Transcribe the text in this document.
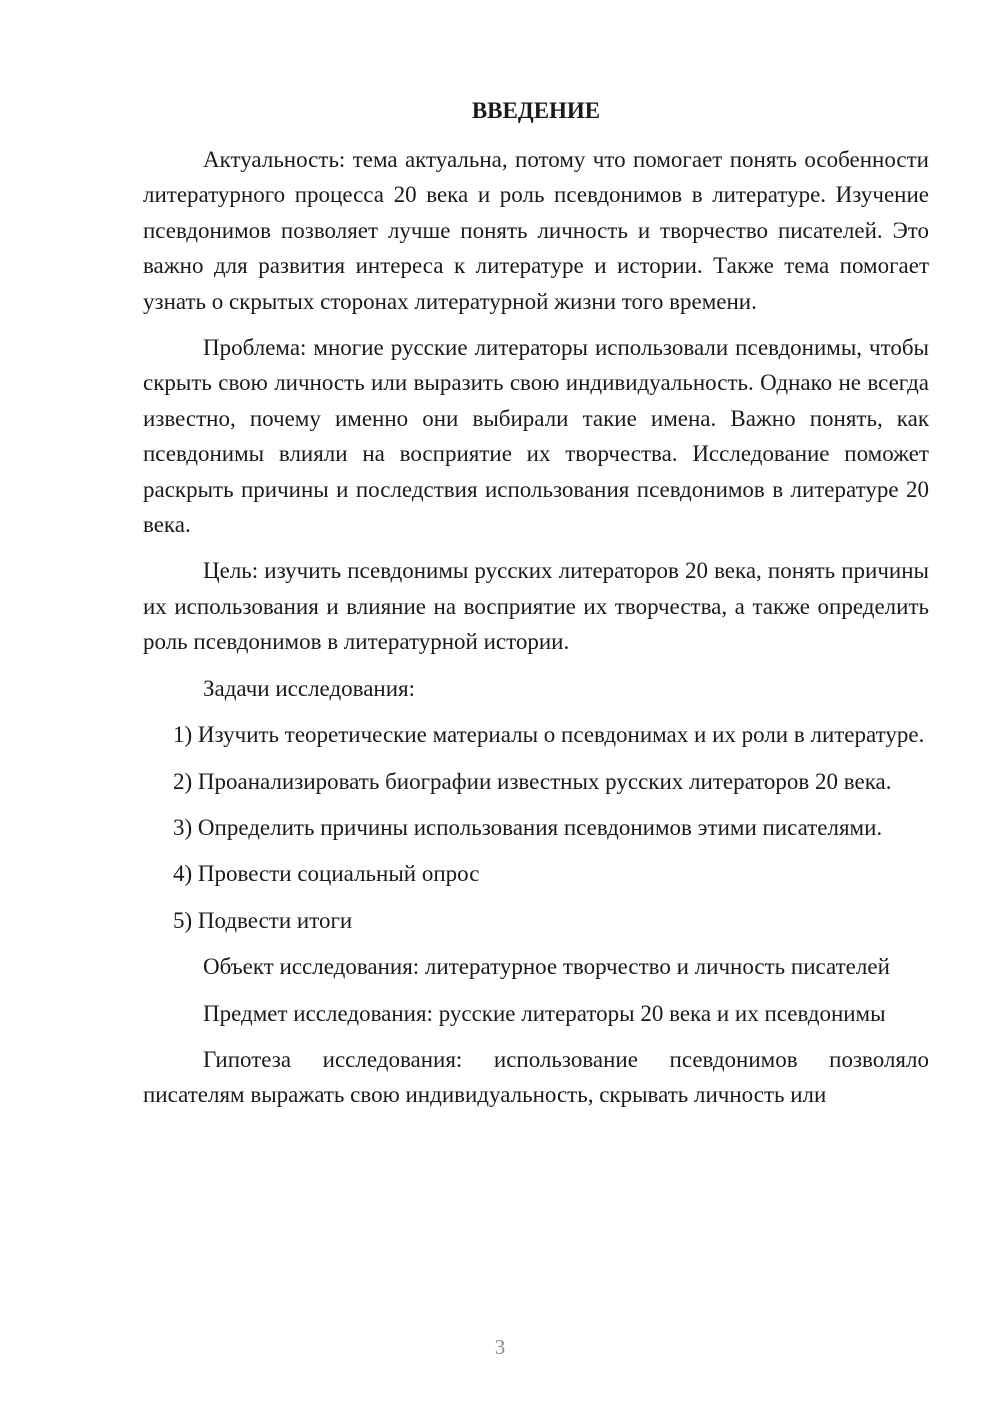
ВВЕДЕНИЕ

Актуальность: тема актуальна, потому что помогает понять особенности литературного процесса 20 века и роль псевдонимов в литературе. Изучение псевдонимов позволяет лучше понять личность и творчество писателей. Это важно для развития интереса к литературе и истории. Также тема помогает узнать о скрытых сторонах литературной жизни того времени.

Проблема: многие русские литераторы использовали псевдонимы, чтобы скрыть свою личность или выразить свою индивидуальность. Однако не всегда известно, почему именно они выбирали такие имена. Важно понять, как псевдонимы влияли на восприятие их творчества. Исследование поможет раскрыть причины и последствия использования псевдонимов в литературе 20 века.

Цель: изучить псевдонимы русских литераторов 20 века, понять причины их использования и влияние на восприятие их творчества, а также определить роль псевдонимов в литературной истории.

Задачи исследования:

1) Изучить теоретические материалы о псевдонимах и их роли в литературе.

2) Проанализировать биографии известных русских литераторов 20 века.

3) Определить причины использования псевдонимов этими писателями.

4) Провести социальный опрос

5) Подвести итоги

Объект исследования: литературное творчество и личность писателей

Предмет исследования: русские литераторы 20 века и их псевдонимы

Гипотеза исследования: использование псевдонимов позволяло писателям выражать свою индивидуальность, скрывать личность или

3
